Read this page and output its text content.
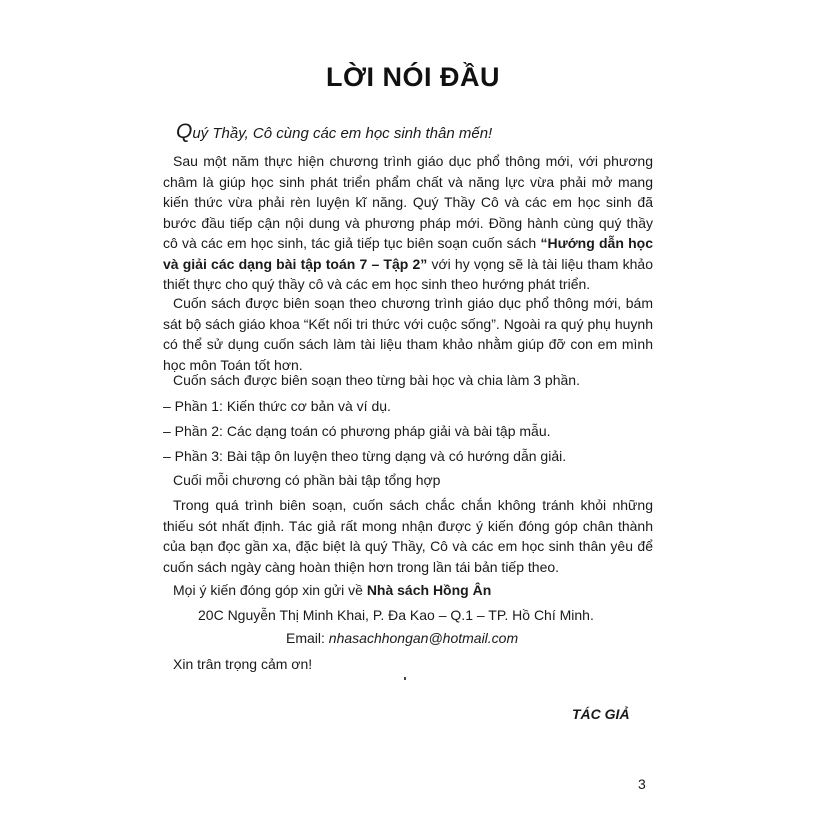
LỜI NÓI ĐẦU
Quý Thầy, Cô cùng các em học sinh thân mến!

Sau một năm thực hiện chương trình giáo dục phổ thông mới, với phương châm là giúp học sinh phát triển phẩm chất và năng lực vừa phải mở mang kiến thức vừa phải rèn luyện kĩ năng. Quý Thầy Cô và các em học sinh đã bước đầu tiếp cận nội dung và phương pháp mới. Đồng hành cùng quý thầy cô và các em học sinh, tác giả tiếp tục biên soạn cuốn sách “Hướng dẫn học và giải các dạng bài tập toán 7 – Tập 2” với hy vọng sẽ là tài liệu tham khảo thiết thực cho quý thầy cô và các em học sinh theo hướng phát triển.

Cuốn sách được biên soạn theo chương trình giáo dục phổ thông mới, bám sát bộ sách giáo khoa “Kết nối tri thức với cuộc sống”. Ngoài ra quý phụ huynh có thể sử dụng cuốn sách làm tài liệu tham khảo nhằm giúp đỡ con em mình học môn Toán tốt hơn.

Cuốn sách được biên soạn theo từng bài học và chia làm 3 phần.

– Phần 1: Kiến thức cơ bản và ví dụ.

– Phần 2: Các dạng toán có phương pháp giải và bài tập mẫu.

– Phần 3: Bài tập ôn luyện theo từng dạng và có hướng dẫn giải.

Cuối mỗi chương có phần bài tập tổng hợp

Trong quá trình biên soạn, cuốn sách chắc chắn không tránh khỏi những thiếu sót nhất định. Tác giả rất mong nhận được ý kiến đóng góp chân thành của bạn đọc gần xa, đặc biệt là quý Thầy, Cô và các em học sinh thân yêu để cuốn sách ngày càng hoàn thiện hơn trong lần tái bản tiếp theo.

Mọi ý kiến đóng góp xin gửi về Nhà sách Hồng Ân

20C Nguyễn Thị Minh Khai, P. Đa Kao – Q.1 – TP. Hồ Chí Minh.

Email: nhasachhongan@hotmail.com

Xin trân trọng cảm ơn!

TÁC GIẢ
3
